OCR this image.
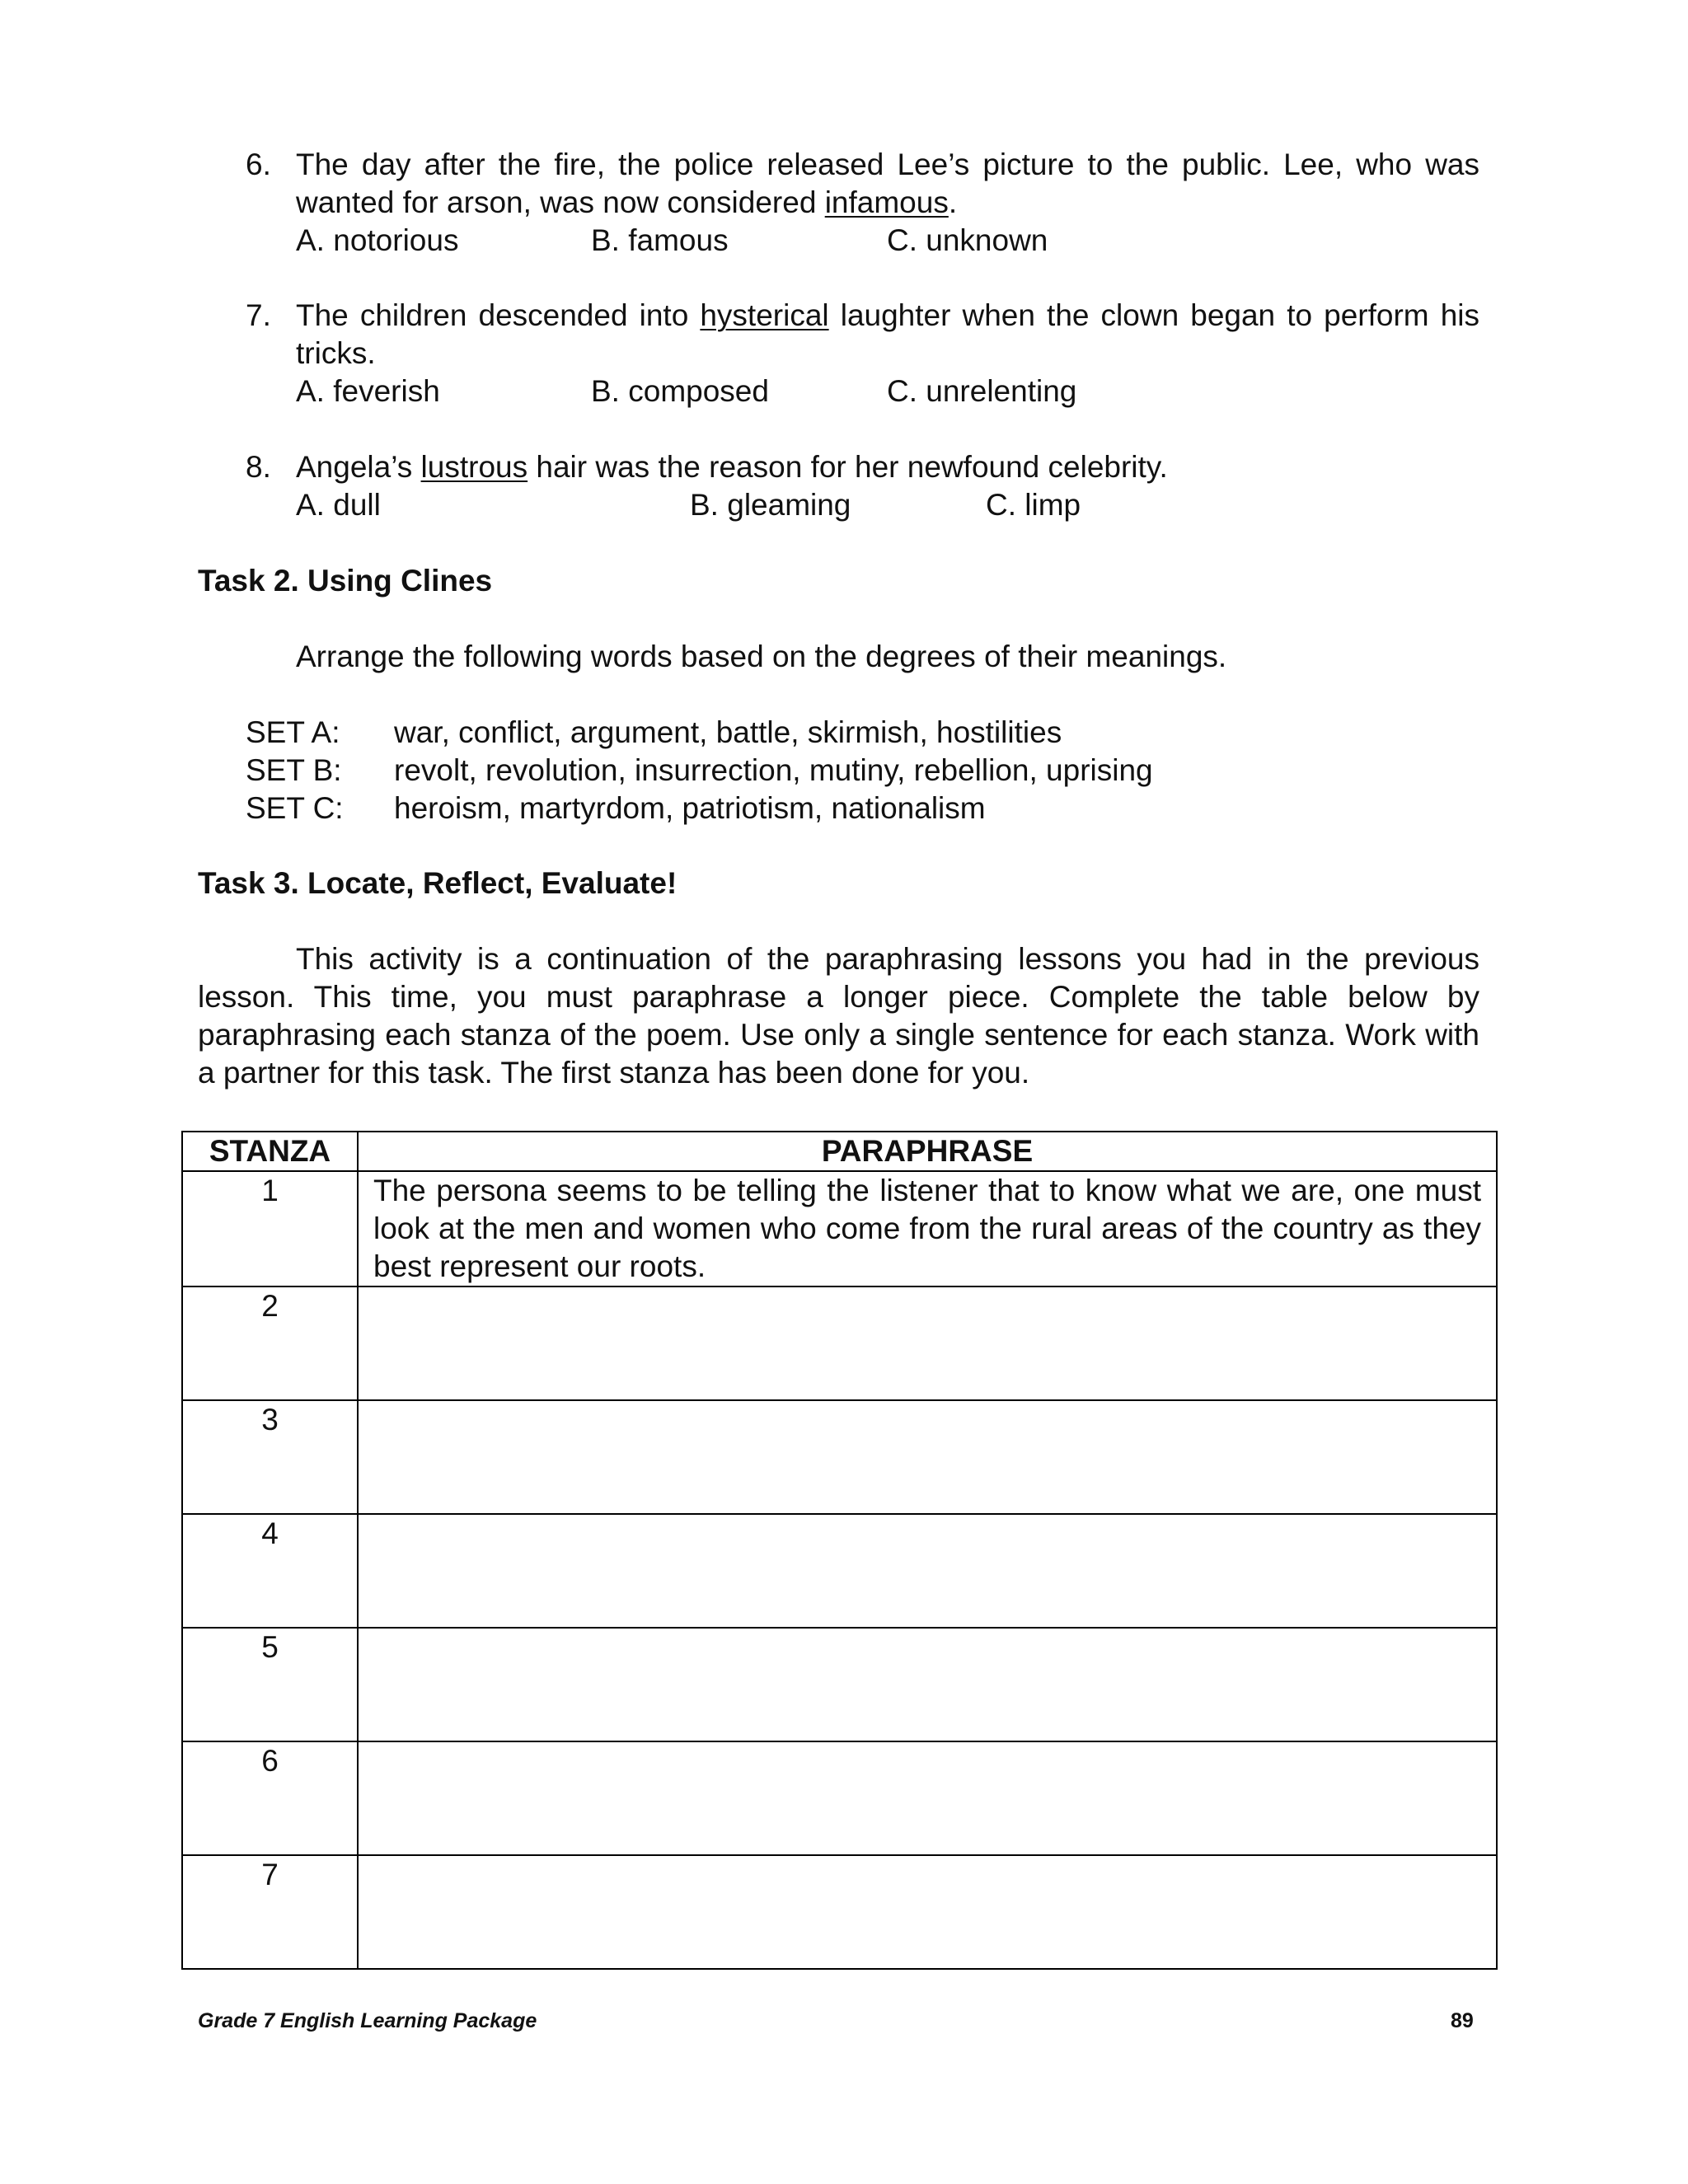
6. The day after the fire, the police released Lee’s picture to the public. Lee, who was wanted for arson, was now considered infamous.
A. notorious	B. famous	C. unknown
7. The children descended into hysterical laughter when the clown began to perform his tricks.
A. feverish	B. composed	C. unrelenting
8. Angela’s lustrous hair was the reason for her newfound celebrity.
A. dull	B. gleaming	C. limp
Task 2. Using Clines
Arrange the following words based on the degrees of their meanings.
SET A: war, conflict, argument, battle, skirmish, hostilities
SET B: revolt, revolution, insurrection, mutiny, rebellion, uprising
SET C: heroism, martyrdom, patriotism, nationalism
Task 3. Locate, Reflect, Evaluate!
This activity is a continuation of the paraphrasing lessons you had in the previous lesson. This time, you must paraphrase a longer piece. Complete the table below by paraphrasing each stanza of the poem. Use only a single sentence for each stanza. Work with a partner for this task. The first stanza has been done for you.
STANZA	PARAPHRASE
1	The persona seems to be telling the listener that to know what we are, one must look at the men and women who come from the rural areas of the country as they best represent our roots.
2	
3	
4	
5	
6	
7	
Grade 7 English Learning Package	89
